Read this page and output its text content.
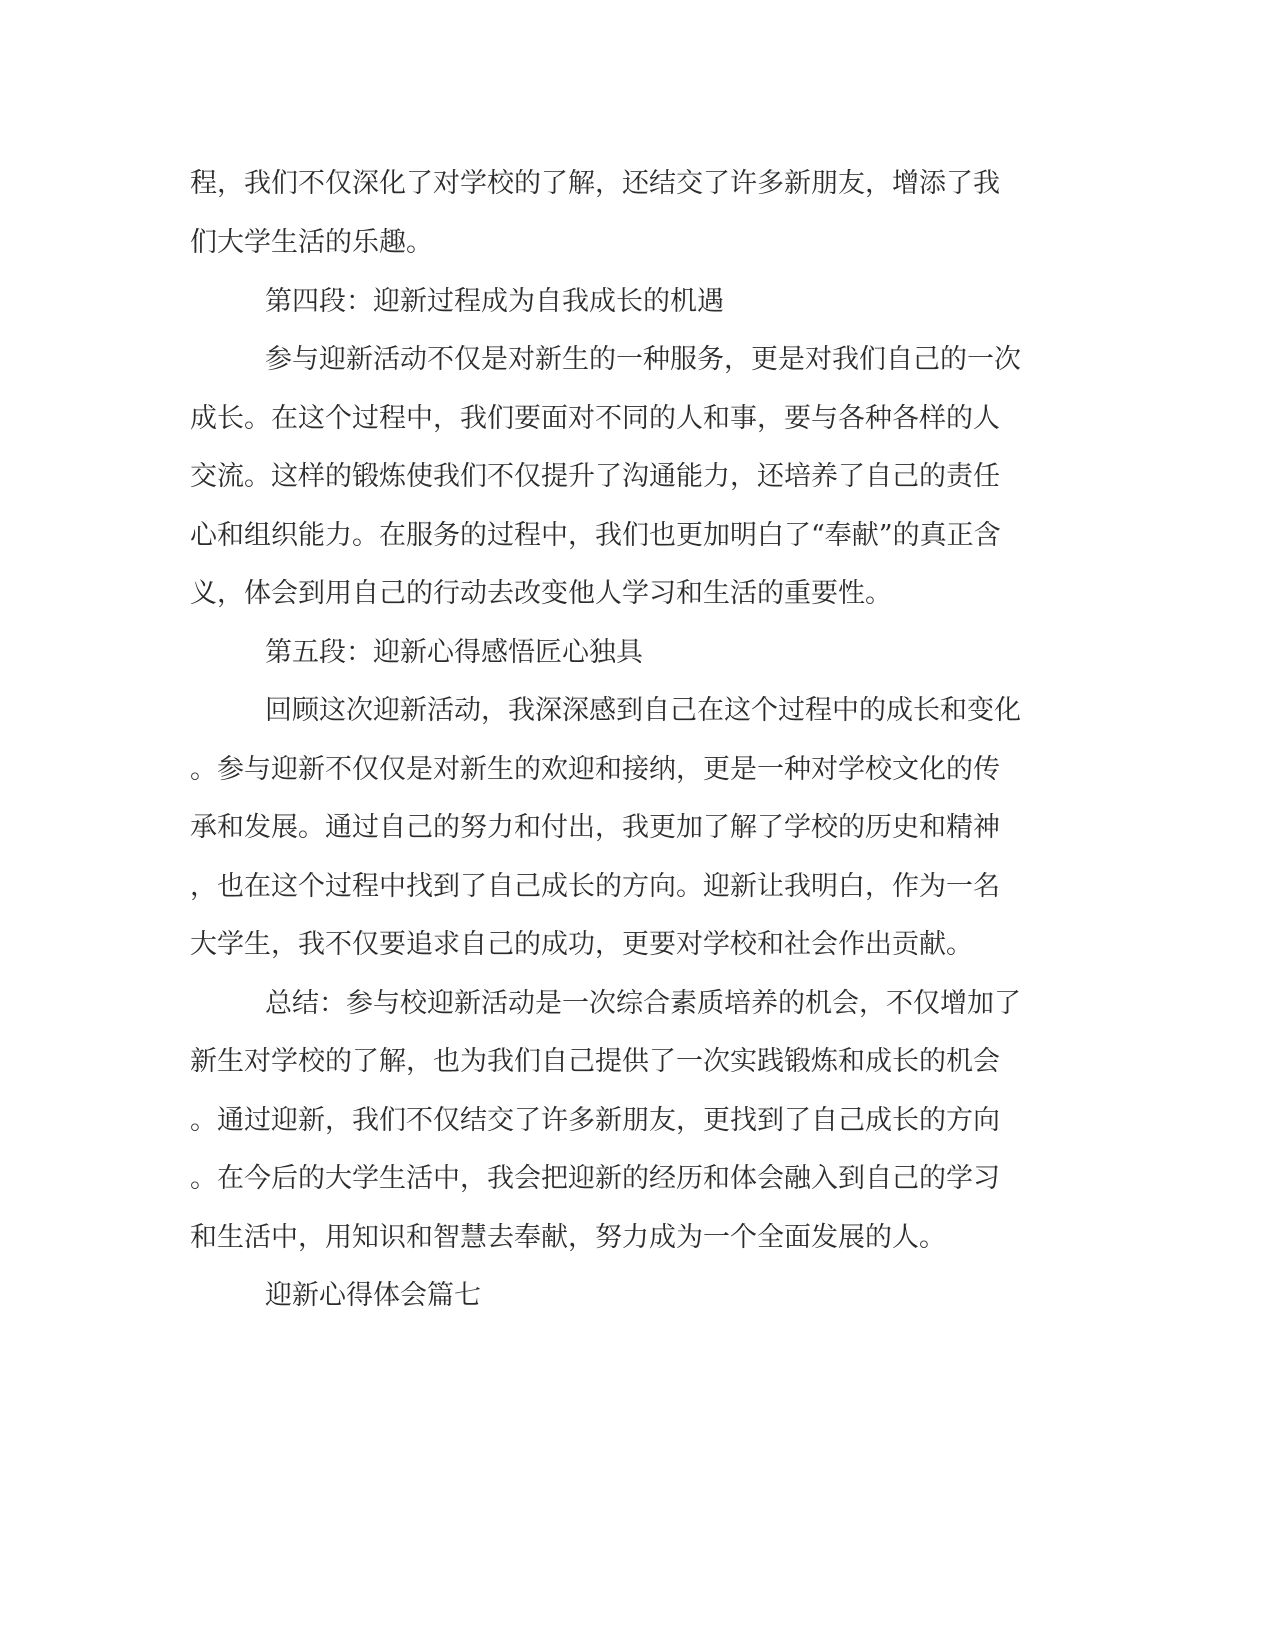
程，我们不仅深化了对学校的了解，还结交了许多新朋友，增添了我
们大学生活的乐趣。
第四段：迎新过程成为自我成长的机遇
参与迎新活动不仅是对新生的一种服务，更是对我们自己的一次
成长。在这个过程中，我们要面对不同的人和事，要与各种各样的人
交流。这样的锻炼使我们不仅提升了沟通能力，还培养了自己的责任
心和组织能力。在服务的过程中，我们也更加明白了“奉献”的真正含
义，体会到用自己的行动去改变他人学习和生活的重要性。
第五段：迎新心得感悟匠心独具
回顾这次迎新活动，我深深感到自己在这个过程中的成长和变化
。参与迎新不仅仅是对新生的欢迎和接纳，更是一种对学校文化的传
承和发展。通过自己的努力和付出，我更加了解了学校的历史和精神
，也在这个过程中找到了自己成长的方向。迎新让我明白，作为一名
大学生，我不仅要追求自己的成功，更要对学校和社会作出贡献。
总结：参与校迎新活动是一次综合素质培养的机会，不仅增加了
新生对学校的了解，也为我们自己提供了一次实践锻炼和成长的机会
。通过迎新，我们不仅结交了许多新朋友，更找到了自己成长的方向
。在今后的大学生活中，我会把迎新的经历和体会融入到自己的学习
和生活中，用知识和智慧去奉献，努力成为一个全面发展的人。
迎新心得体会篇七
